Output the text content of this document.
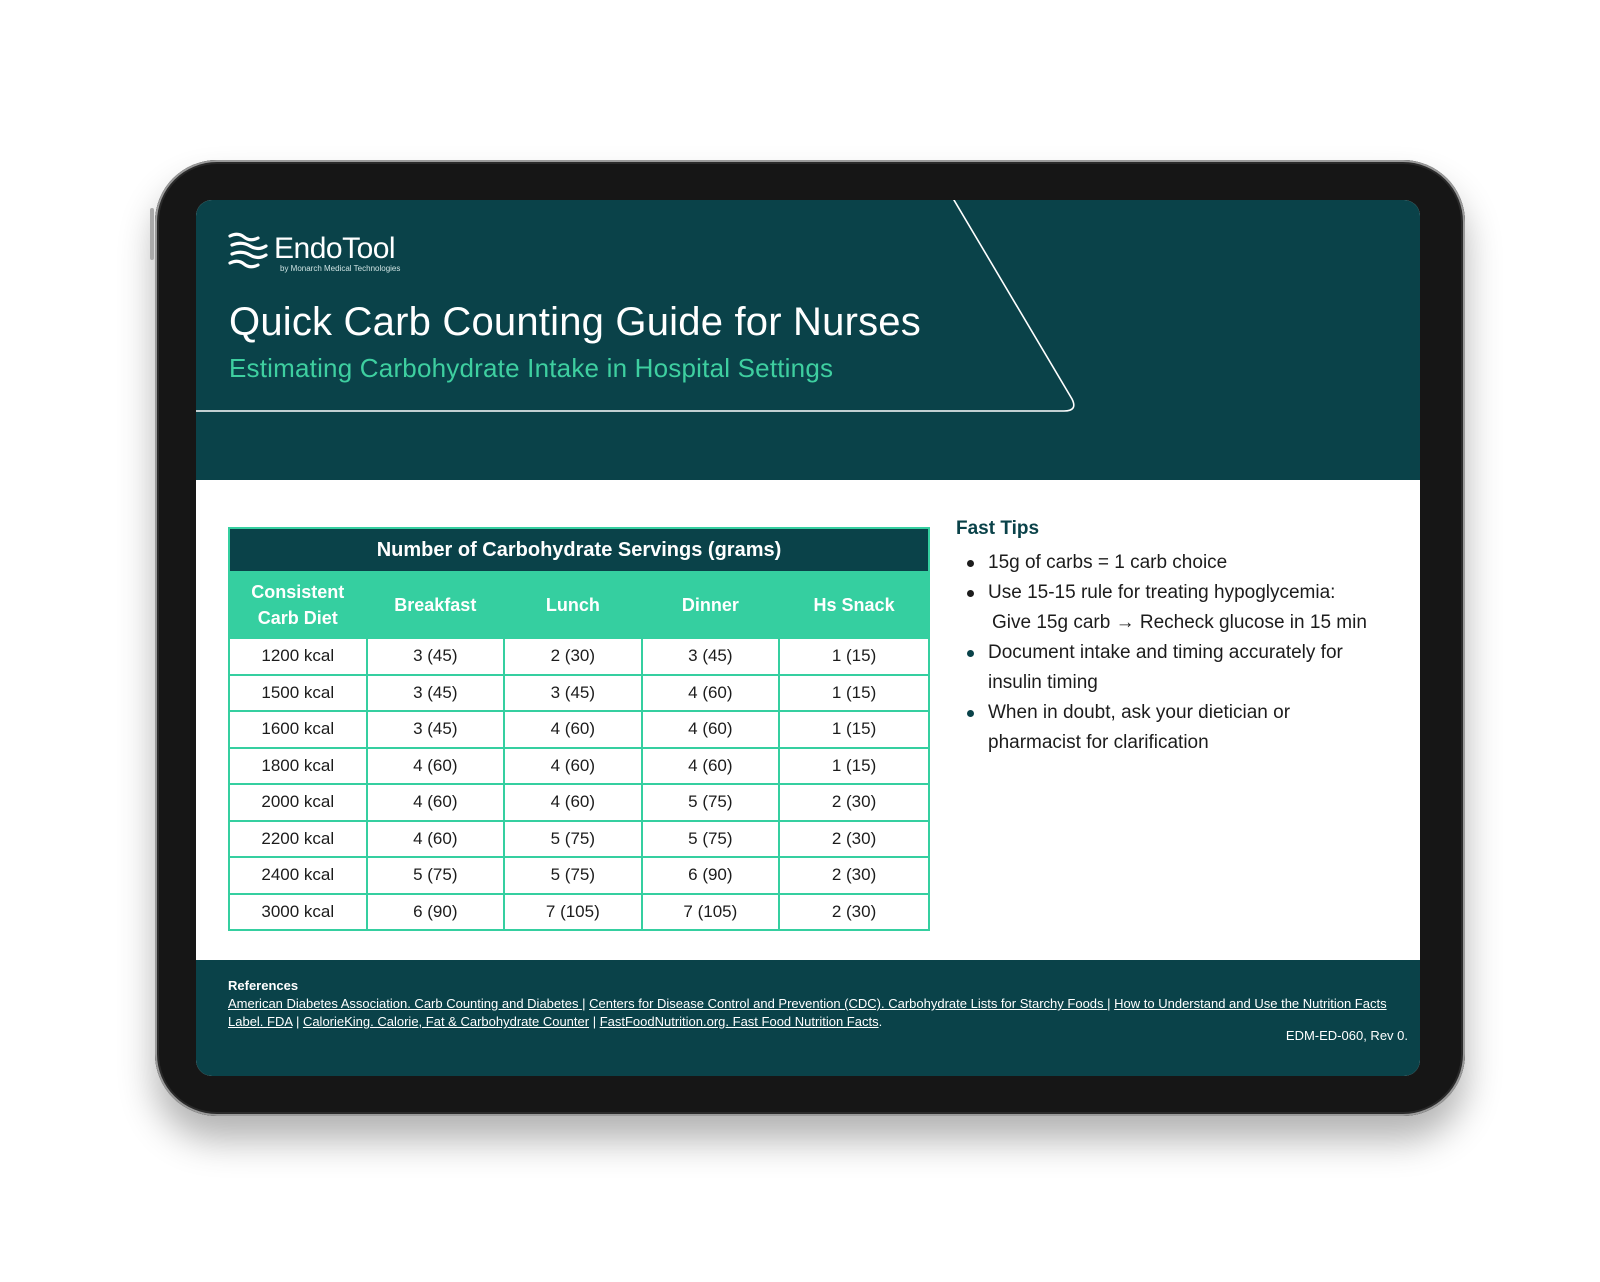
EndoTool
by Monarch Medical Technologies
Quick Carb Counting Guide for Nurses
Estimating Carbohydrate Intake in Hospital Settings
Number of Carbohydrate Servings (grams)				
Consistent Carb Diet	Breakfast	Lunch	Dinner	Hs Snack
1200 kcal	3 (45)	2 (30)	3 (45)	1 (15)
1500 kcal	3 (45)	3 (45)	4 (60)	1 (15)
1600 kcal	3 (45)	4 (60)	4 (60)	1 (15)
1800 kcal	4 (60)	4 (60)	4 (60)	1 (15)
2000 kcal	4 (60)	4 (60)	5 (75)	2 (30)
2200 kcal	4 (60)	5 (75)	5 (75)	2 (30)
2400 kcal	5 (75)	5 (75)	6 (90)	2 (30)
3000 kcal	6 (90)	7 (105)	7 (105)	2 (30)
Fast Tips
15g of carbs = 1 carb choice
Use 15-15 rule for treating hypoglycemia:
Give 15g carb → Recheck glucose in 15 min
Document intake and timing accurately for
insulin timing
When in doubt, ask your dietician or
pharmacist for clarification
References
American Diabetes Association. Carb Counting and Diabetes | Centers for Disease Control and Prevention (CDC). Carbohydrate Lists for Starchy Foods | How to Understand and Use the Nutrition Facts Label. FDA | CalorieKing. Calorie, Fat & Carbohydrate Counter | FastFoodNutrition.org. Fast Food Nutrition Facts.
EDM-ED-060, Rev 0.
